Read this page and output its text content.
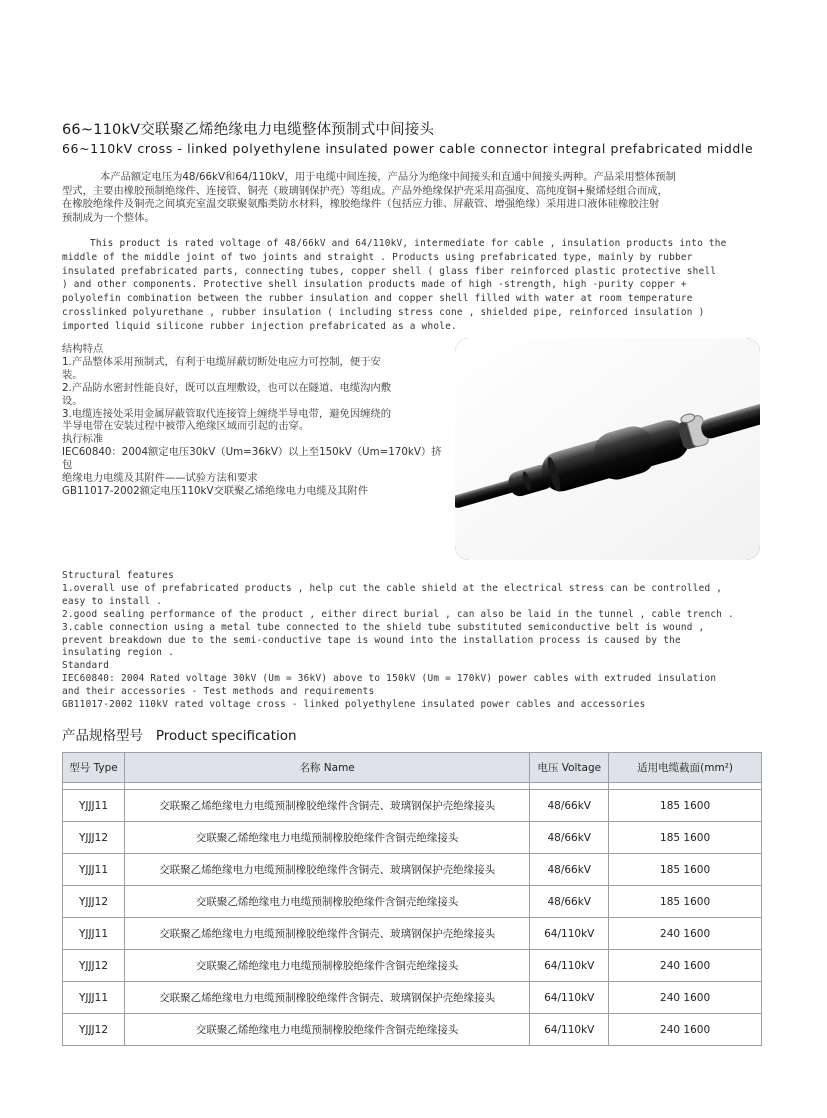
66~110kV交联聚乙烯绝缘电力电缆整体预制式中间接头
66~110kV cross - linked polyethylene insulated power cable connector integral prefabricated middle
本产品额定电压为48/66kV和64/110kV，用于电缆中间连接，产品分为绝缘中间接头和直通中间接头两种。产品采用整体预制
型式，主要由橡胶预制绝缘件、连接管、铜壳（玻璃钢保护壳）等组成。产品外绝缘保护壳采用高强度、高纯度铜+聚烯烃组合而成，
在橡胶绝缘件及铜壳之间填充室温交联聚氨酯类防水材料，橡胶绝缘件（包括应力锥、屏蔽管、增强绝缘）采用进口液体硅橡胶注射
预制成为一个整体。
This product is rated voltage of 48/66kV and 64/110kV, intermediate for cable , insulation products into the
middle of the middle joint of two joints and straight . Products using prefabricated type, mainly by rubber
insulated prefabricated parts, connecting tubes, copper shell ( glass fiber reinforced plastic protective shell
) and other components. Protective shell insulation products made of high -strength, high -purity copper +
polyolefin combination between the rubber insulation and copper shell filled with water at room temperature
crosslinked polyurethane , rubber insulation ( including stress cone , shielded pipe, reinforced insulation )
imported liquid silicone rubber injection prefabricated as a whole.
结构特点
1.产品整体采用预制式，有利于电缆屏蔽切断处电应力可控制，便于安
装。
2.产品防水密封性能良好，既可以直埋敷设，也可以在隧道、电缆沟内敷
设。
3.电缆连接处采用金属屏蔽管取代连接管上缠绕半导电带，避免因缠绕的
半导电带在安装过程中被带入绝缘区域而引起的击穿。
执行标准
IEC60840：2004额定电压30kV（Um=36kV）以上至150kV（Um=170kV）挤包
绝缘电力电缆及其附件——试验方法和要求
GB11017-2002额定电压110kV交联聚乙烯绝缘电力电缆及其附件
Structural features
1.overall use of prefabricated products , help cut the cable shield at the electrical stress can be controlled ,
easy to install .
2.good sealing performance of the product , either direct burial , can also be laid in the tunnel , cable trench .
3.cable connection using a metal tube connected to the shield tube substituted semiconductive belt is wound ,
prevent breakdown due to the semi-conductive tape is wound into the installation process is caused by the
insulating region .
Standard
IEC60840: 2004 Rated voltage 30kV (Um = 36kV) above to 150kV (Um = 170kV) power cables with extruded insulation
and their accessories - Test methods and requirements
GB11017-2002 110kV rated voltage cross - linked polyethylene insulated power cables and accessories
产品规格型号   Product specification
型号 Type	名称 Name	电压 Voltage	适用电缆截面(mm²)

YJJJ11	交联聚乙烯绝缘电力电缆预制橡胶绝缘件含铜壳、玻璃钢保护壳绝缘接头	48/66kV	185 1600
YJJJ12	交联聚乙烯绝缘电力电缆预制橡胶绝缘件含铜壳绝缘接头	48/66kV	185 1600
YJJJ11	交联聚乙烯绝缘电力电缆预制橡胶绝缘件含铜壳、玻璃钢保护壳绝缘接头	48/66kV	185 1600
YJJJ12	交联聚乙烯绝缘电力电缆预制橡胶绝缘件含铜壳绝缘接头	48/66kV	185 1600
YJJJ11	交联聚乙烯绝缘电力电缆预制橡胶绝缘件含铜壳、玻璃钢保护壳绝缘接头	64/110kV	240 1600
YJJJ12	交联聚乙烯绝缘电力电缆预制橡胶绝缘件含铜壳绝缘接头	64/110kV	240 1600
YJJJ11	交联聚乙烯绝缘电力电缆预制橡胶绝缘件含铜壳、玻璃钢保护壳绝缘接头	64/110kV	240 1600
YJJJ12	交联聚乙烯绝缘电力电缆预制橡胶绝缘件含铜壳绝缘接头	64/110kV	240 1600
